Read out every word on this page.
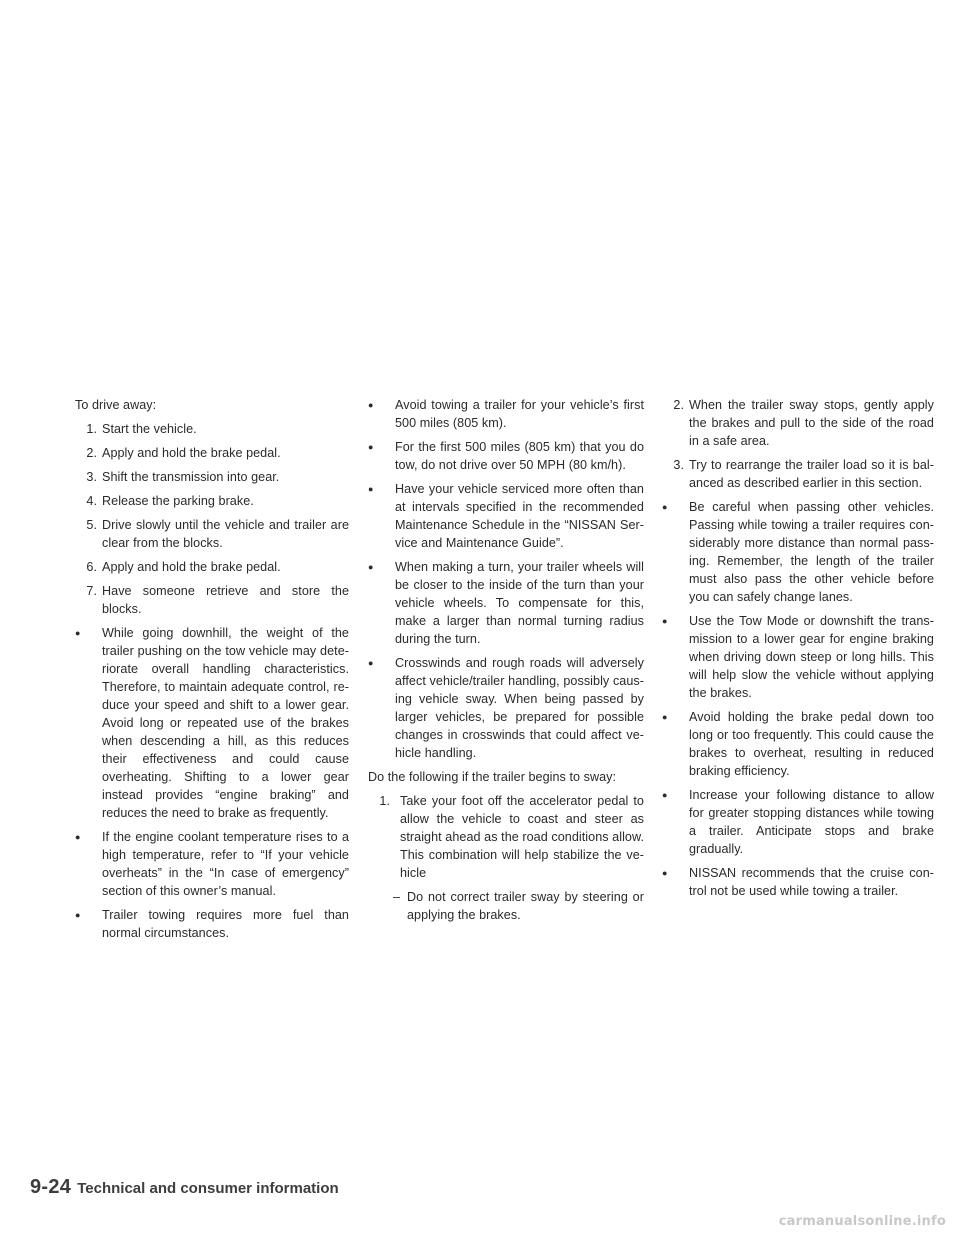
To drive away:

1. Start the vehicle.
2. Apply and hold the brake pedal.
3. Shift the transmission into gear.
4. Release the parking brake.
5. Drive slowly until the vehicle and trailer are clear from the blocks.
6. Apply and hold the brake pedal.
7. Have someone retrieve and store the blocks.
● While going downhill, the weight of the trailer pushing on the tow vehicle may dete- riorate overall handling characteristics. Therefore, to maintain adequate control, re- duce your speed and shift to a lower gear. Avoid long or repeated use of the brakes when descending a hill, as this reduces their effectiveness and could cause overheating. Shifting to a lower gear instead provides “engine braking” and reduces the need to brake as frequently.
● If the engine coolant temperature rises to a high temperature, refer to “If your vehicle overheats” in the “In case of emergency” section of this owner’s manual.
● Trailer towing requires more fuel than normal circumstances.
● Avoid towing a trailer for your vehicle’s first 500 miles (805 km).
● For the first 500 miles (805 km) that you do tow, do not drive over 50 MPH (80 km/h).
● Have your vehicle serviced more often than at intervals specified in the recommended Maintenance Schedule in the “NISSAN Ser- vice and Maintenance Guide”.
● When making a turn, your trailer wheels will be closer to the inside of the turn than your vehicle wheels. To compensate for this, make a larger than normal turning radius during the turn.
● Crosswinds and rough roads will adversely affect vehicle/trailer handling, possibly caus- ing vehicle sway. When being passed by larger vehicles, be prepared for possible changes in crosswinds that could affect ve- hicle handling.

Do the following if the trailer begins to sway:

1. Take your foot off the accelerator pedal to allow the vehicle to coast and steer as straight ahead as the road conditions allow. This combination will help stabilize the ve- hicle
– Do not correct trailer sway by steering or applying the brakes.
2. When the trailer sway stops, gently apply the brakes and pull to the side of the road in a safe area.
3. Try to rearrange the trailer load so it is bal- anced as described earlier in this section.
● Be careful when passing other vehicles. Passing while towing a trailer requires con- siderably more distance than normal pass- ing. Remember, the length of the trailer must also pass the other vehicle before you can safely change lanes.
● Use the Tow Mode or downshift the trans- mission to a lower gear for engine braking when driving down steep or long hills. This will help slow the vehicle without applying the brakes.
● Avoid holding the brake pedal down too long or too frequently. This could cause the brakes to overheat, resulting in reduced braking efficiency.
● Increase your following distance to allow for greater stopping distances while towing a trailer. Anticipate stops and brake gradually.
● NISSAN recommends that the cruise con- trol not be used while towing a trailer.
9-24 Technical and consumer information
carmanualsonline.info
